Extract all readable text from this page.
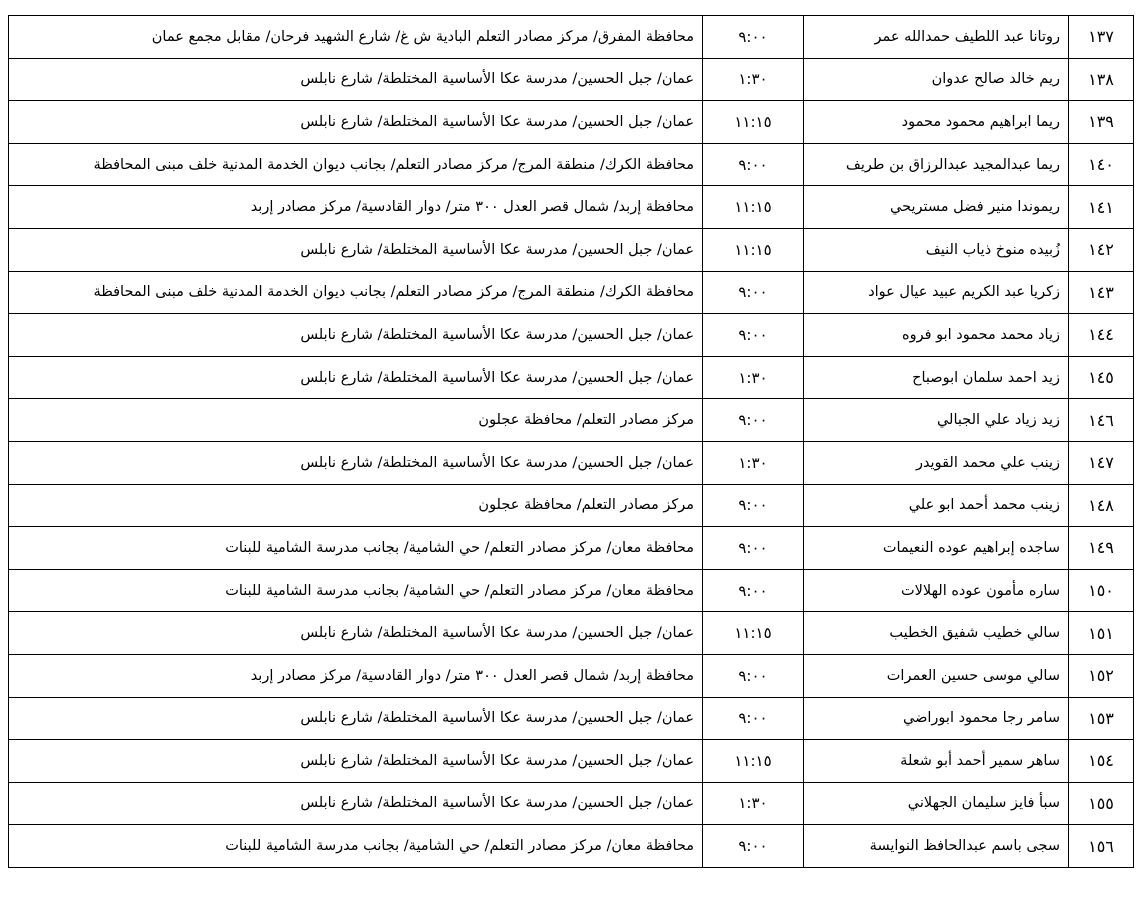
١٣٧	روتانا عبد اللطيف حمدالله عمر	٩:٠٠	محافظة المفرق/ مركز مصادر التعلم البادية ش غ/ شارع الشهيد فرحان/ مقابل مجمع عمان
١٣٨	ريم خالد صالح عدوان	١:٣٠	عمان/ جبل الحسين/ مدرسة عكا الأساسية المختلطة/ شارع نابلس
١٣٩	ريما ابراهيم محمود محمود	١١:١٥	عمان/ جبل الحسين/ مدرسة عكا الأساسية المختلطة/ شارع نابلس
١٤٠	ريما عبدالمجيد عبدالرزاق بن طريف	٩:٠٠	محافظة الكرك/ منطقة المرج/ مركز مصادر التعلم/ بجانب ديوان الخدمة المدنية خلف مبنى المحافظة
١٤١	ريموندا منير فضل مستريحي	١١:١٥	محافظة إربد/ شمال قصر العدل ٣٠٠ متر/ دوار القادسية/ مركز مصادر إربد
١٤٢	زُبيده منوخ ذياب النيف	١١:١٥	عمان/ جبل الحسين/ مدرسة عكا الأساسية المختلطة/ شارع نابلس
١٤٣	زكريا عبد الكريم عبيد عيال عواد	٩:٠٠	محافظة الكرك/ منطقة المرج/ مركز مصادر التعلم/ بجانب ديوان الخدمة المدنية خلف مبنى المحافظة
١٤٤	زياد محمد محمود ابو فروه	٩:٠٠	عمان/ جبل الحسين/ مدرسة عكا الأساسية المختلطة/ شارع نابلس
١٤٥	زيد احمد سلمان ابوصباح	١:٣٠	عمان/ جبل الحسين/ مدرسة عكا الأساسية المختلطة/ شارع نابلس
١٤٦	زيد زياد علي الجبالي	٩:٠٠	مركز مصادر التعلم/ محافظة عجلون
١٤٧	زينب علي محمد القويدر	١:٣٠	عمان/ جبل الحسين/ مدرسة عكا الأساسية المختلطة/ شارع نابلس
١٤٨	زينب محمد أحمد ابو علي	٩:٠٠	مركز مصادر التعلم/ محافظة عجلون
١٤٩	ساجده إبراهيم عوده النعيمات	٩:٠٠	محافظة معان/ مركز مصادر التعلم/ حي الشامية/ بجانب مدرسة الشامية للبنات
١٥٠	ساره مأمون عوده الهلالات	٩:٠٠	محافظة معان/ مركز مصادر التعلم/ حي الشامية/ بجانب مدرسة الشامية للبنات
١٥١	سالي خطيب شفيق الخطيب	١١:١٥	عمان/ جبل الحسين/ مدرسة عكا الأساسية المختلطة/ شارع نابلس
١٥٢	سالي موسى حسين العمرات	٩:٠٠	محافظة إربد/ شمال قصر العدل ٣٠٠ متر/ دوار القادسية/ مركز مصادر إربد
١٥٣	سامر رجا محمود ابوراضي	٩:٠٠	عمان/ جبل الحسين/ مدرسة عكا الأساسية المختلطة/ شارع نابلس
١٥٤	ساهر سمير أحمد أبو شعلة	١١:١٥	عمان/ جبل الحسين/ مدرسة عكا الأساسية المختلطة/ شارع نابلس
١٥٥	سبأ فايز سليمان الجهلاني	١:٣٠	عمان/ جبل الحسين/ مدرسة عكا الأساسية المختلطة/ شارع نابلس
١٥٦	سجى باسم عبدالحافظ النوايسة	٩:٠٠	محافظة معان/ مركز مصادر التعلم/ حي الشامية/ بجانب مدرسة الشامية للبنات
